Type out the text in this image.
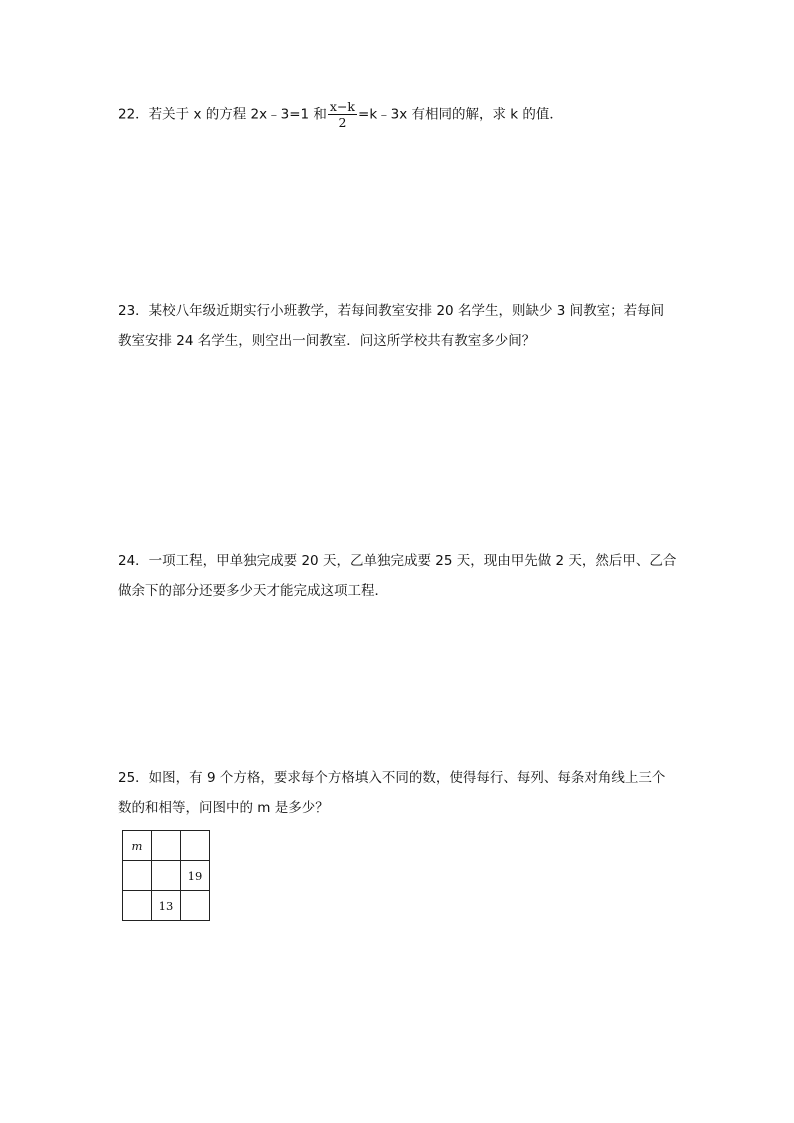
22．若关于 x 的方程 2x﹣3=1 和 $\frac{x-k}{2}$ =k﹣3x 有相同的解，求 k 的值．
23．某校八年级近期实行小班教学，若每间教室安排 20 名学生，则缺少 3 间教室；若每间
教室安排 24 名学生，则空出一间教室．问这所学校共有教室多少间？
24．一项工程，甲单独完成要 20 天，乙单独完成要 25 天，现由甲先做 2 天，然后甲、乙合
做余下的部分还要多少天才能完成这项工程．
25．如图，有 9 个方格，要求每个方格填入不同的数，使得每行、每列、每条对角线上三个
数的和相等，问图中的 m 是多少？
m		
		19
	13	
